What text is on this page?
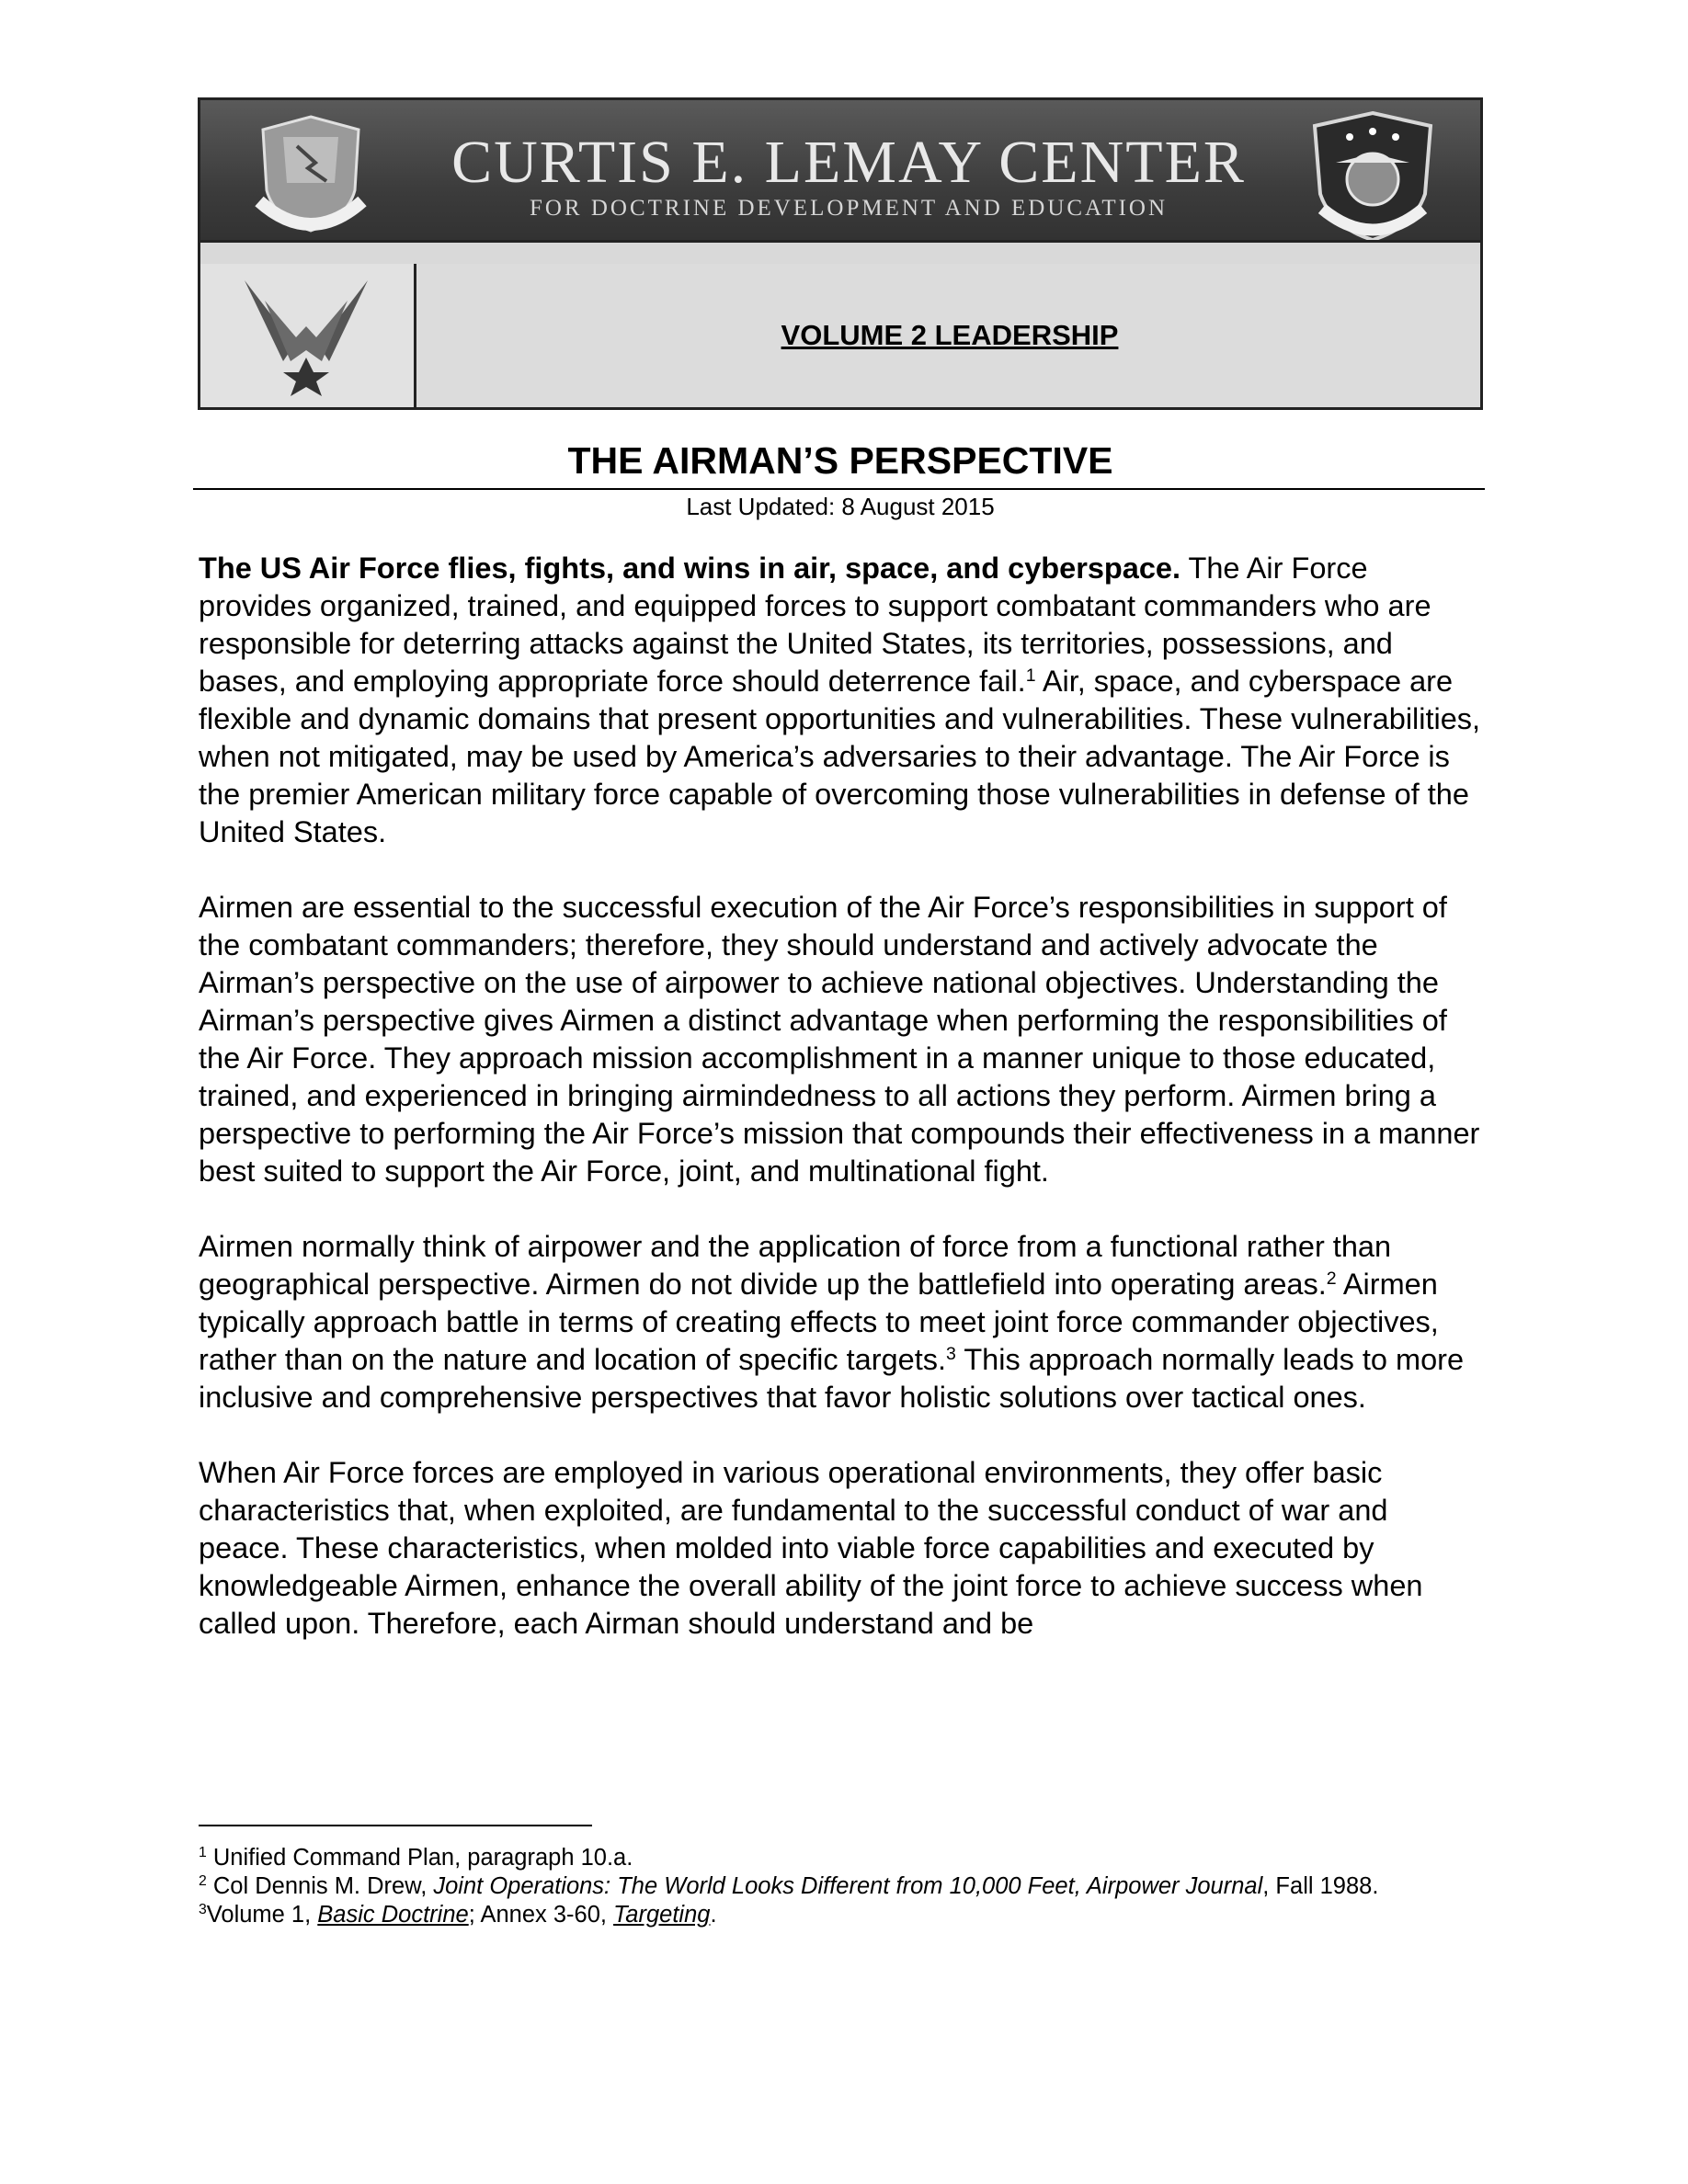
CURTIS E. LEMAY CENTER
FOR DOCTRINE DEVELOPMENT AND EDUCATION
VOLUME 2 LEADERSHIP
THE AIRMAN’S PERSPECTIVE
Last Updated: 8 August 2015

The US Air Force flies, fights, and wins in air, space, and cyberspace. The Air Force provides organized, trained, and equipped forces to support combatant commanders who are responsible for deterring attacks against the United States, its territories, possessions, and bases, and employing appropriate force should deterrence fail.$^1$ Air, space, and cyberspace are flexible and dynamic domains that present opportunities and vulnerabilities. These vulnerabilities, when not mitigated, may be used by America’s adversaries to their advantage. The Air Force is the premier American military force capable of overcoming those vulnerabilities in defense of the United States.

Airmen are essential to the successful execution of the Air Force’s responsibilities in support of the combatant commanders; therefore, they should understand and actively advocate the Airman’s perspective on the use of airpower to achieve national objectives. Understanding the Airman’s perspective gives Airmen a distinct advantage when performing the responsibilities of the Air Force. They approach mission accomplishment in a manner unique to those educated, trained, and experienced in bringing airmindedness to all actions they perform. Airmen bring a perspective to performing the Air Force’s mission that compounds their effectiveness in a manner best suited to support the Air Force, joint, and multinational fight.

Airmen normally think of airpower and the application of force from a functional rather than geographical perspective. Airmen do not divide up the battlefield into operating areas.$^2$ Airmen typically approach battle in terms of creating effects to meet joint force commander objectives, rather than on the nature and location of specific targets.$^3$ This approach normally leads to more inclusive and comprehensive perspectives that favor holistic solutions over tactical ones.

When Air Force forces are employed in various operational environments, they offer basic characteristics that, when exploited, are fundamental to the successful conduct of war and peace. These characteristics, when molded into viable force capabilities and executed by knowledgeable Airmen, enhance the overall ability of the joint force to achieve success when called upon. Therefore, each Airman should understand and be

$^1$ Unified Command Plan, paragraph 10.a.
$^2$ Col Dennis M. Drew, Joint Operations: The World Looks Different from 10,000 Feet, Airpower Journal, Fall 1988.
$^3$Volume 1, Basic Doctrine; Annex 3-60, Targeting.
